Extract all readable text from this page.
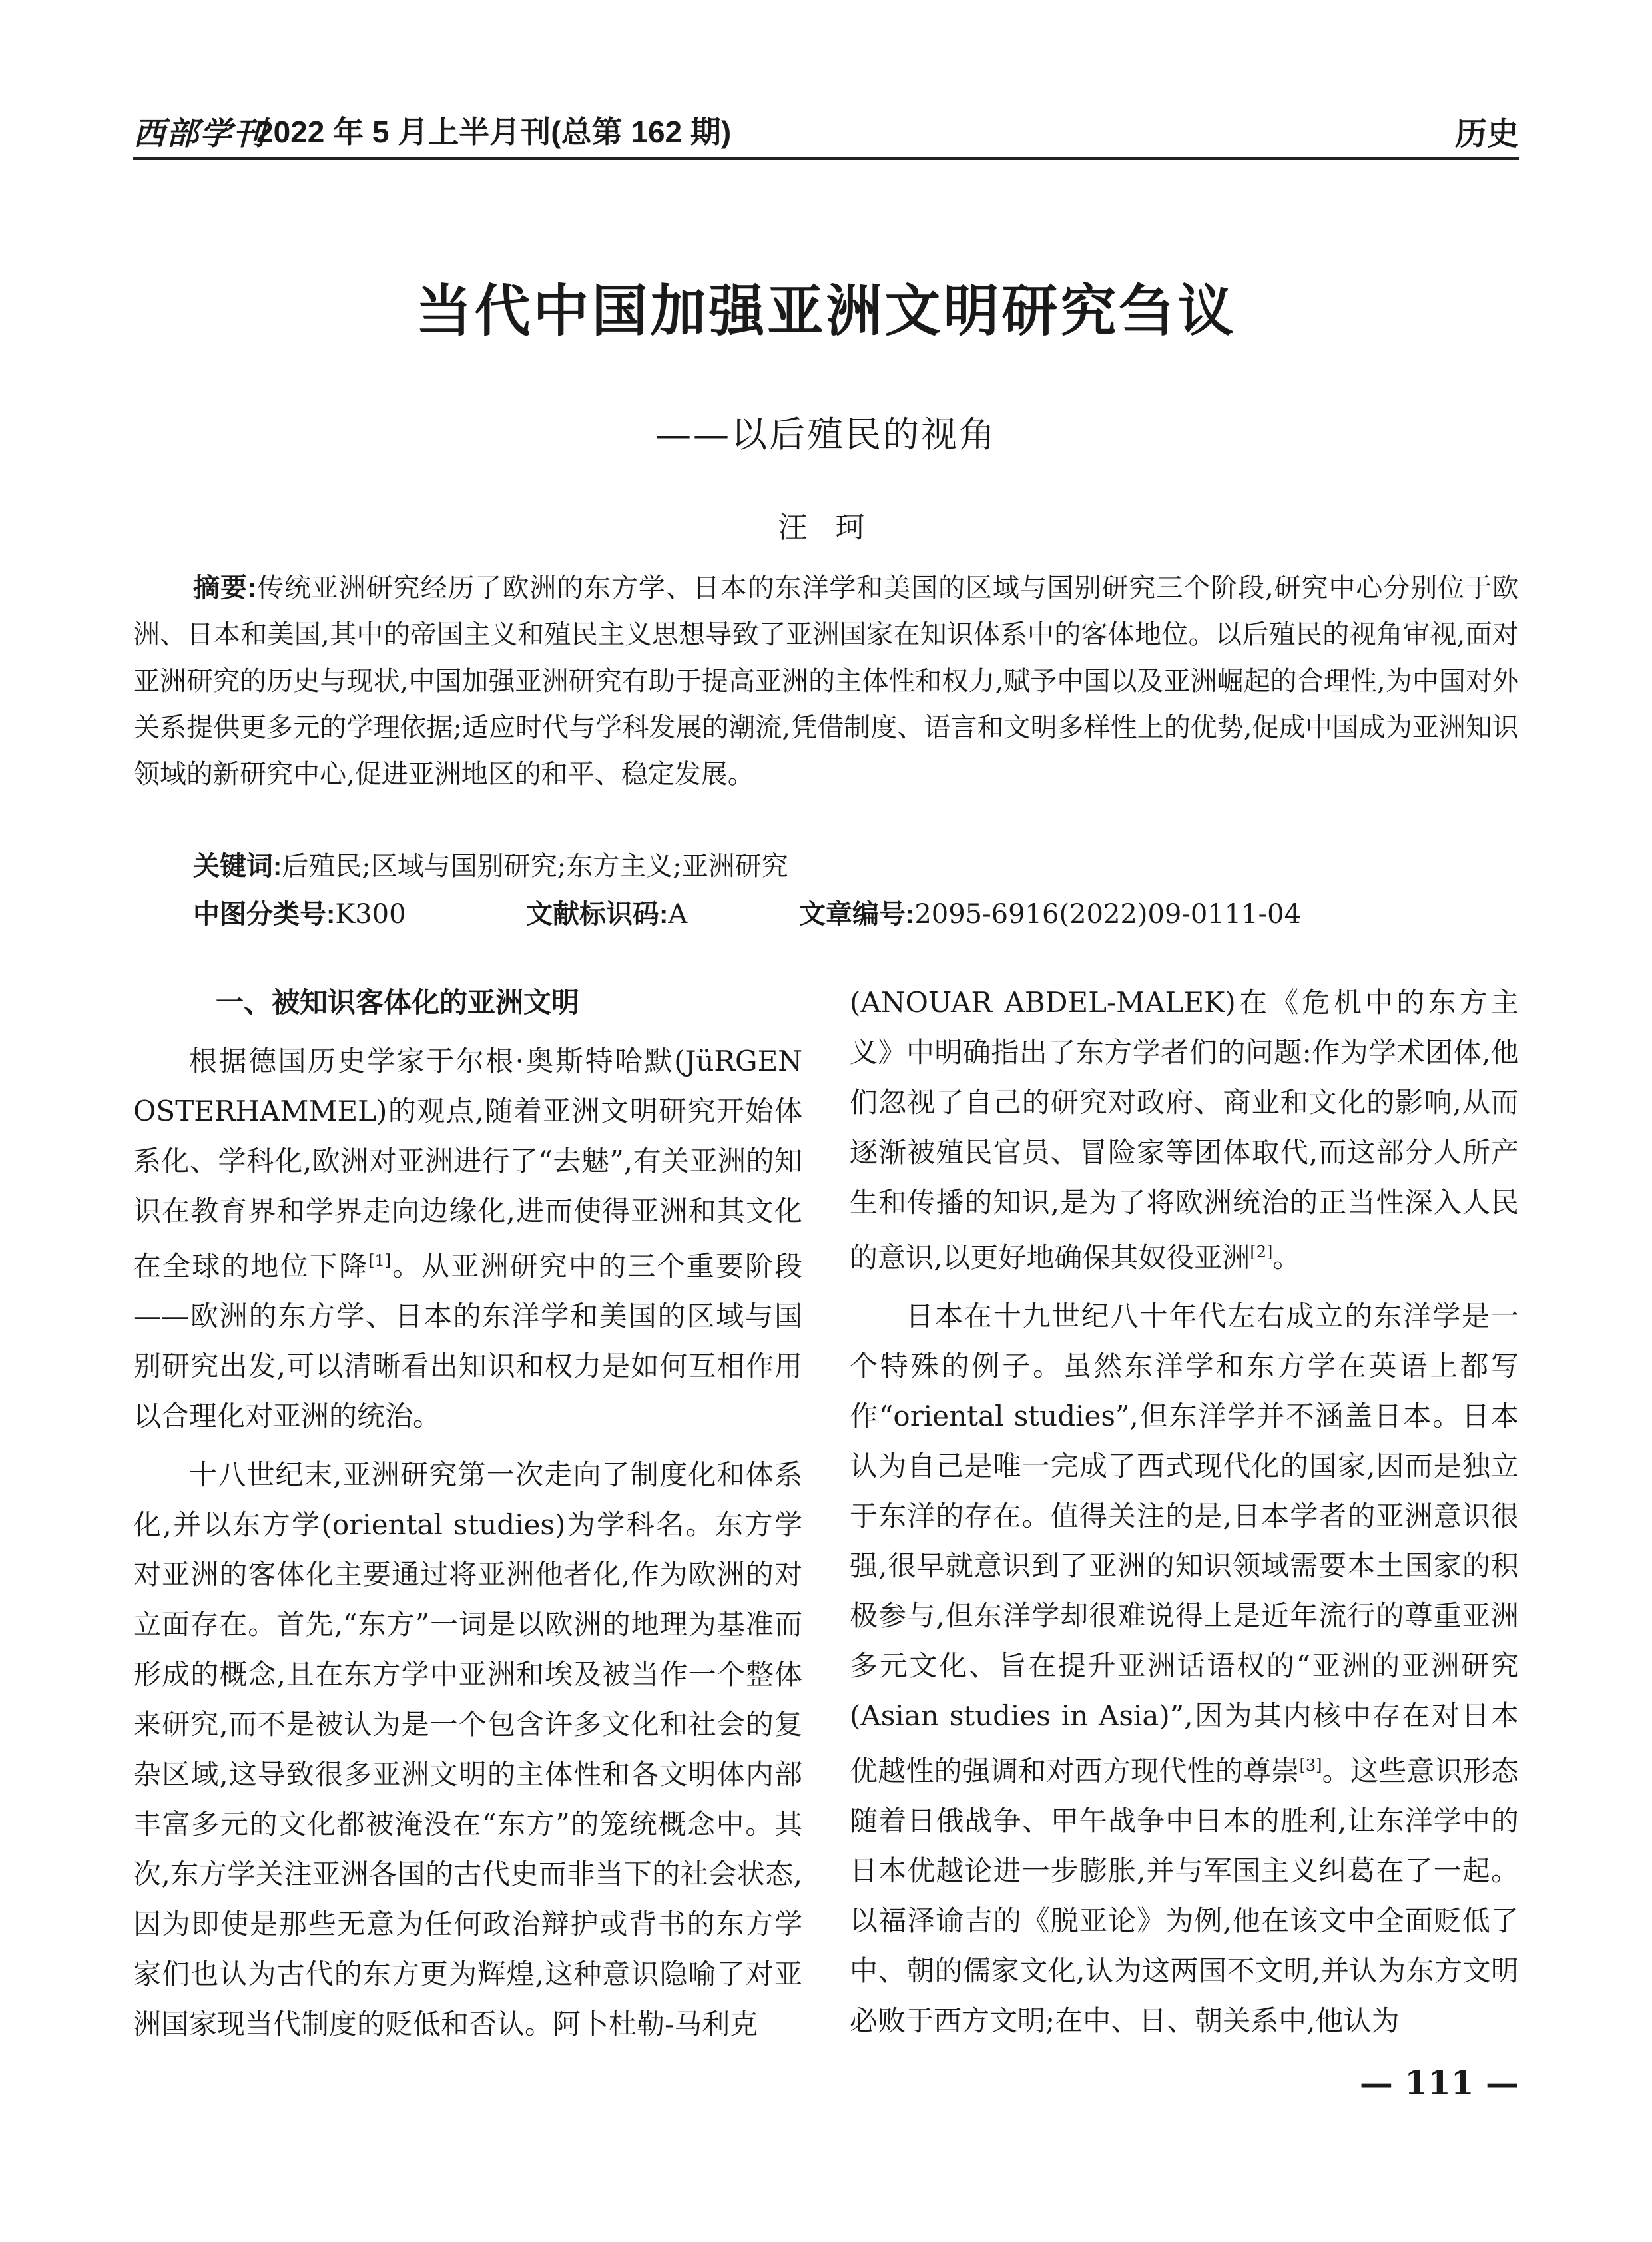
西部学刊
2022 年 5 月上半月刊(总第 162 期)	历史
当代中国加强亚洲文明研究刍议
——以后殖民的视角
汪 珂
摘要:传统亚洲研究经历了欧洲的东方学、日本的东洋学和美国的区域与国别研究三个阶段,研究中心分别位于欧洲、日本和美国,其中的帝国主义和殖民主义思想导致了亚洲国家在知识体系中的客体地位。以后殖民的视角审视,面对亚洲研究的历史与现状,中国加强亚洲研究有助于提高亚洲的主体性和权力,赋予中国以及亚洲崛起的合理性,为中国对外关系提供更多元的学理依据;适应时代与学科发展的潮流,凭借制度、语言和文明多样性上的优势,促成中国成为亚洲知识领域的新研究中心,促进亚洲地区的和平、稳定发展。
关键词:后殖民;区域与国别研究;东方主义;亚洲研究
中图分类号:K300	文献标识码:A	文章编号:2095-6916(2022)09-0111-04

一、被知识客体化的亚洲文明

根据德国历史学家于尔根·奥斯特哈默(JüRGEN OSTERHAMMEL)的观点,随着亚洲文明研究开始体系化、学科化,欧洲对亚洲进行了“去魅”,有关亚洲的知识在教育界和学界走向边缘化,进而使得亚洲和其文化在全球的地位下降[1]。从亚洲研究中的三个重要阶段——欧洲的东方学、日本的东洋学和美国的区域与国别研究出发,可以清晰看出知识和权力是如何互相作用以合理化对亚洲的统治。

十八世纪末,亚洲研究第一次走向了制度化和体系化,并以东方学(oriental studies)为学科名。东方学对亚洲的客体化主要通过将亚洲他者化,作为欧洲的对立面存在。首先,“东方”一词是以欧洲的地理为基准而形成的概念,且在东方学中亚洲和埃及被当作一个整体来研究,而不是被认为是一个包含许多文化和社会的复杂区域,这导致很多亚洲文明的主体性和各文明体内部丰富多元的文化都被淹没在“东方”的笼统概念中。其次,东方学关注亚洲各国的古代史而非当下的社会状态,因为即使是那些无意为任何政治辩护或背书的东方学家们也认为古代的东方更为辉煌,这种意识隐喻了对亚洲国家现当代制度的贬低和否认。阿卜杜勒-马利克

(ANOUAR ABDEL-MALEK)在《危机中的东方主义》中明确指出了东方学者们的问题:作为学术团体,他们忽视了自己的研究对政府、商业和文化的影响,从而逐渐被殖民官员、冒险家等团体取代,而这部分人所产生和传播的知识,是为了将欧洲统治的正当性深入人民的意识,以更好地确保其奴役亚洲[2]。

日本在十九世纪八十年代左右成立的东洋学是一个特殊的例子。虽然东洋学和东方学在英语上都写作“oriental studies”,但东洋学并不涵盖日本。日本认为自己是唯一完成了西式现代化的国家,因而是独立于东洋的存在。值得关注的是,日本学者的亚洲意识很强,很早就意识到了亚洲的知识领域需要本土国家的积极参与,但东洋学却很难说得上是近年流行的尊重亚洲多元文化、旨在提升亚洲话语权的“亚洲的亚洲研究(Asian studies in Asia)”,因为其内核中存在对日本优越性的强调和对西方现代性的尊崇[3]。这些意识形态随着日俄战争、甲午战争中日本的胜利,让东洋学中的日本优越论进一步膨胀,并与军国主义纠葛在了一起。以福泽谕吉的《脱亚论》为例,他在该文中全面贬低了中、朝的儒家文化,认为这两国不文明,并认为东方文明必败于西方文明;在中、日、朝关系中,他认为

— 111 —
